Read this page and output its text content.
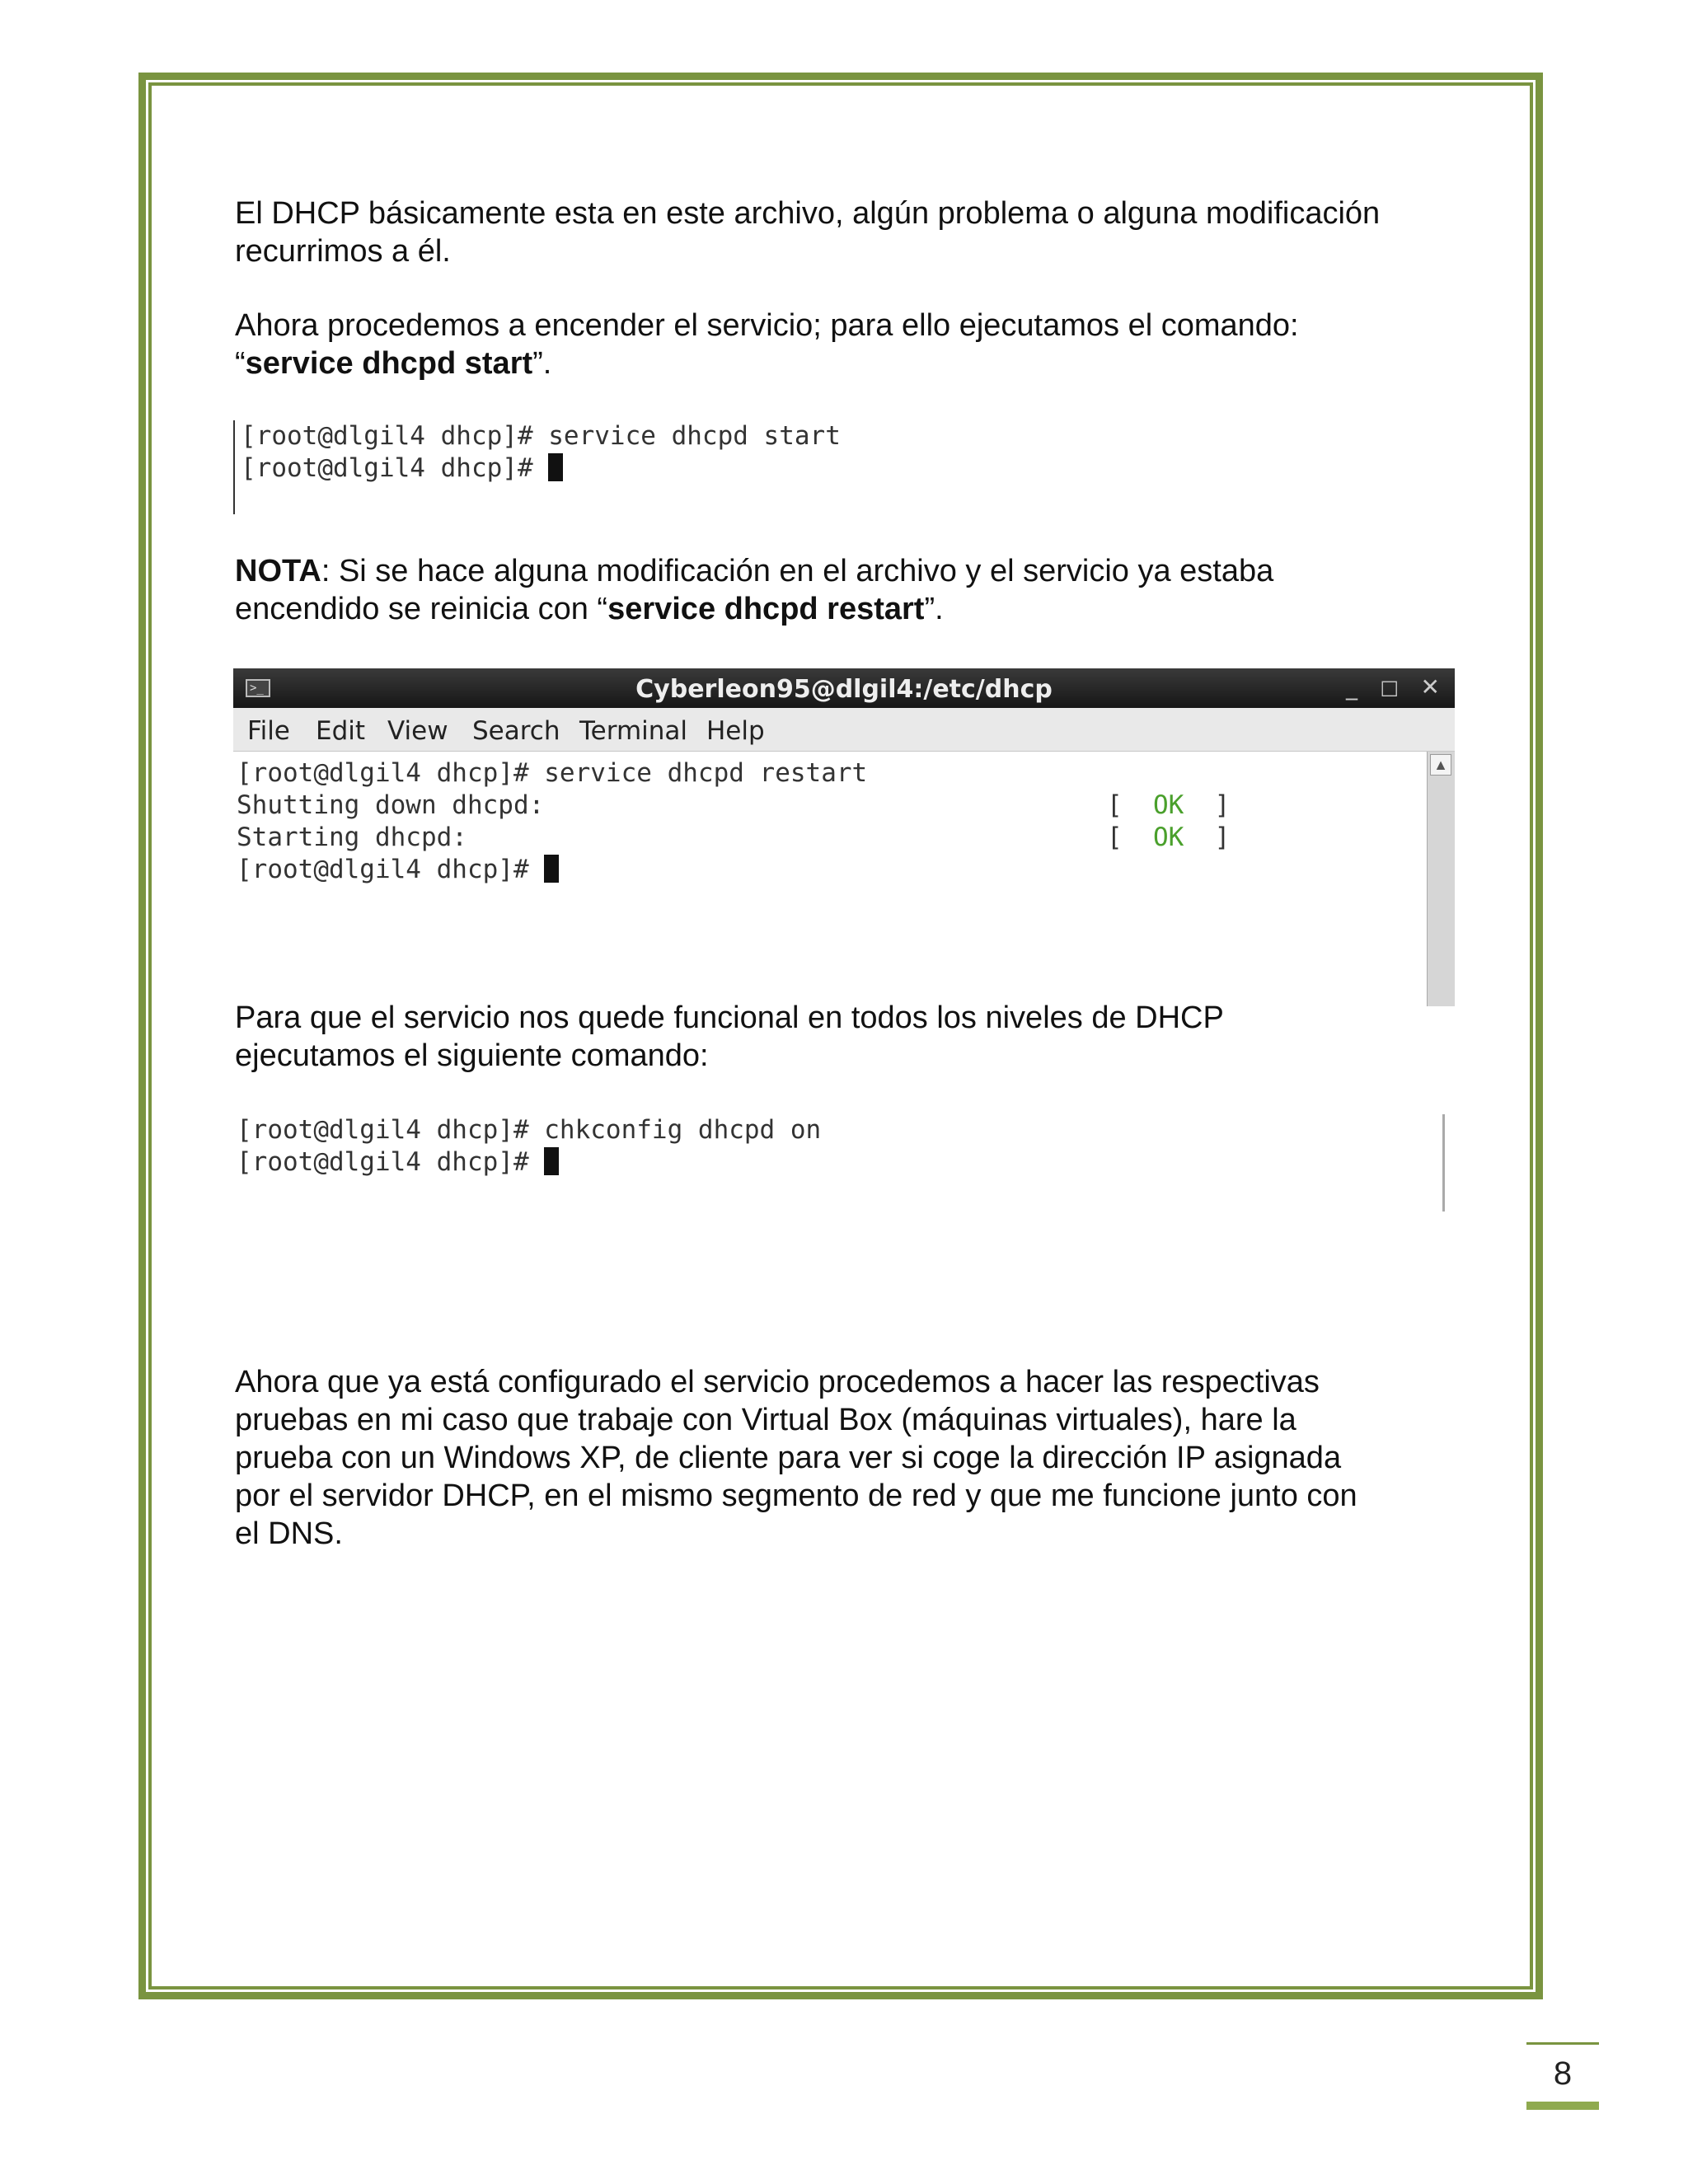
El DHCP básicamente esta en este archivo, algún problema o alguna modificación
recurrimos a él.
Ahora procedemos a encender el servicio; para ello ejecutamos el comando:
“service dhcpd start”.
[root@dlgil4 dhcp]# service dhcpd start
[root@dlgil4 dhcp]#
NOTA: Si se hace alguna modificación en el archivo y el servicio ya estaba
encendido se reinicia con “service dhcpd restart”.
>_	Cyberleon95@dlgil4:/etc/dhcp	_ □ ✕
File Edit View Search Terminal Help
[root@dlgil4 dhcp]# service dhcpd restart
Shutting down dhcpd:
Starting dhcpd:
[root@dlgil4 dhcp]#
[ OK ]
[ OK ]
▲
Para que el servicio nos quede funcional en todos los niveles de DHCP
ejecutamos el siguiente comando:
[root@dlgil4 dhcp]# chkconfig dhcpd on
[root@dlgil4 dhcp]#
Ahora que ya está configurado el servicio procedemos a hacer las respectivas
pruebas en mi caso que trabaje con Virtual Box (máquinas virtuales), hare la
prueba con un Windows XP, de cliente para ver si coge la dirección IP asignada
por el servidor DHCP, en el mismo segmento de red y que me funcione junto con
el DNS.
8
